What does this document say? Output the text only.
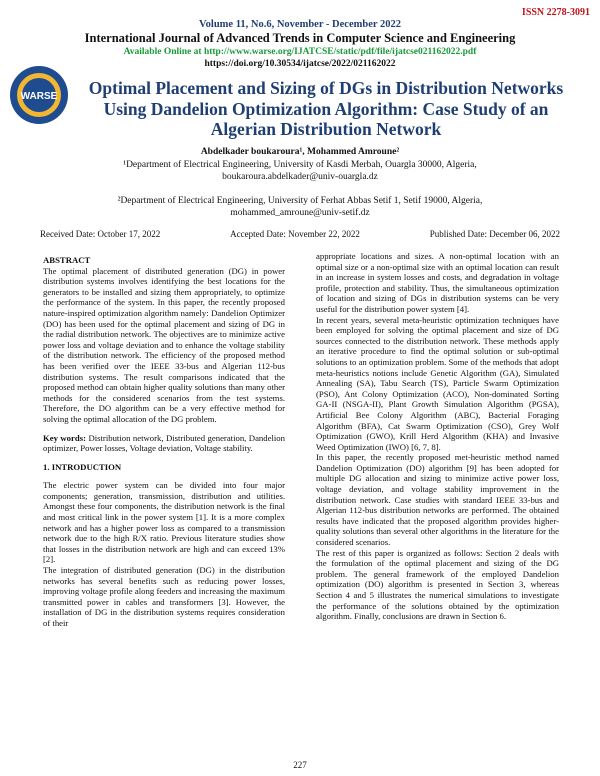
ISSN 2278-3091
Volume 11, No.6, November - December 2022
International Journal of Advanced Trends in Computer Science and Engineering
Available Online at http://www.warse.org/IJATCSE/static/pdf/file/ijatcse021162022.pdf
https://doi.org/10.30534/ijatcse/2022/021162022
WARSE	Optimal Placement and Sizing of DGs in Distribution Networks Using Dandelion Optimization Algorithm: Case Study of an Algerian Distribution Network
Abdelkader boukaroura¹, Mohammed Amroune²
¹Department of Electrical Engineering, University of Kasdi Merbah, Ouargla 30000, Algeria,
boukaroura.abdelkader@univ-ouargla.dz
²Department of Electrical Engineering, University of Ferhat Abbas Setif 1, Setif 19000, Algeria,
mohammed_amroune@univ-setif.dz
Received Date: October 17, 2022	Accepted Date: November 22, 2022	Published Date: December 06, 2022

ABSTRACT

The optimal placement of distributed generation (DG) in power distribution systems involves identifying the best locations for the generators to be installed and sizing them appropriately, to optimize the performance of the system. In this paper, the recently proposed nature-inspired optimization algorithm namely: Dandelion Optimizer (DO) has been used for the optimal placement and sizing of DG in the radial distribution network. The objectives are to minimize active power loss and voltage deviation and to enhance the voltage stability of the distribution network. The efficiency of the proposed method has been verified over the IEEE 33-bus and Algerian 112-bus distribution systems. The result comparisons indicated that the proposed method can obtain higher quality solutions than many other methods for the considered scenarios from the test systems. Therefore, the DO algorithm can be a very effective method for solving the optimal allocation of the DG problem.

Key words: Distribution network, Distributed generation, Dandelion optimizer, Power losses, Voltage deviation, Voltage stability.

1. INTRODUCTION

The electric power system can be divided into four major components; generation, transmission, distribution and utilities. Amongst these four components, the distribution network is the final and most critical link in the power system [1]. It is a more complex network and has a higher power loss as compared to a transmission network due to the high R/X ratio. Previous literature studies show that losses in the distribution network are high and can exceed 13% [2].

The integration of distributed generation (DG) in the distribution networks has several benefits such as reducing power losses, improving voltage profile along feeders and increasing the maximum transmitted power in cables and transformers [3]. However, the installation of DG in the distribution systems requires consideration of their

appropriate locations and sizes. A non-optimal location with an optimal size or a non-optimal size with an optimal location can result in an increase in system losses and costs, and degradation in voltage profile, protection and stability. Thus, the simultaneous optimization of location and sizing of DGs in distribution systems can be very useful for the distribution power system [4].

In recent years, several meta-heuristic optimization techniques have been employed for solving the optimal placement and size of DG sources connected to the distribution network. These methods apply an iterative procedure to find the optimal solution or sub-optimal solutions to an optimization problem. Some of the methods that adopt meta-heuristics notions include Genetic Algorithm (GA), Simulated Annealing (SA), Tabu Search (TS), Particle Swarm Optimization (PSO), Ant Colony Optimization (ACO), Non-dominated Sorting GA-II (NSGA-II), Plant Growth Simulation Algorithm (PGSA), Artificial Bee Colony Algorithm (ABC), Bacterial Foraging Algorithm (BFA), Cat Swarm Optimization (CSO), Grey Wolf Optimization (GWO), Krill Herd Algorithm (KHA) and Invasive Weed Optimization (IWO) [6, 7, 8].

In this paper, the recently proposed met-heuristic method named Dandelion Optimization (DO) algorithm [9] has been adopted for multiple DG allocation and sizing to minimize active power loss, voltage deviation, and voltage stability improvement in the distribution network. Case studies with standard IEEE 33-bus and Algerian 112-bus distribution networks are performed. The obtained results have indicated that the proposed algorithm provides higher-quality solutions than several other algorithms in the literature for the considered scenarios.

The rest of this paper is organized as follows: Section 2 deals with the formulation of the optimal placement and sizing of the DG problem. The general framework of the employed Dandelion optimization (DO) algorithm is presented in Section 3, whereas Section 4 and 5 illustrates the numerical simulations to investigate the performance of the solutions obtained by the optimization algorithm. Finally, conclusions are drawn in Section 6.

227
